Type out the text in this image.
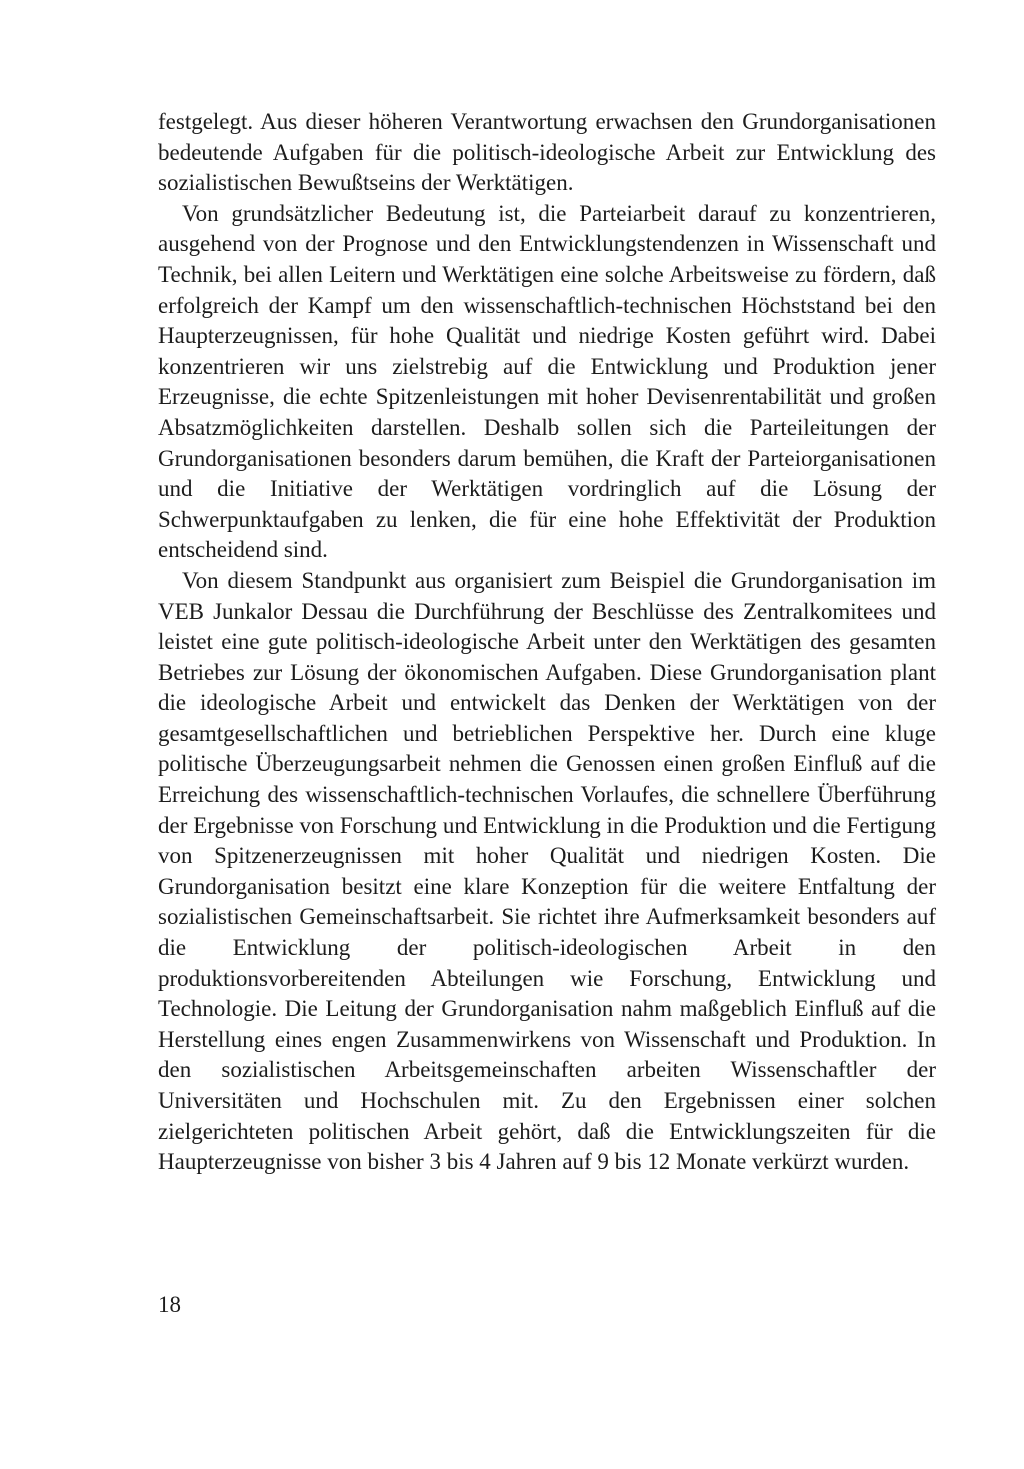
festgelegt. Aus dieser höheren Verantwortung erwachsen den Grundorganisationen bedeutende Aufgaben für die politisch-ideologische Arbeit zur Entwicklung des sozialistischen Bewußtseins der Werktätigen.

Von grundsätzlicher Bedeutung ist, die Parteiarbeit darauf zu konzentrieren, ausgehend von der Prognose und den Entwicklungstendenzen in Wissenschaft und Technik, bei allen Leitern und Werktätigen eine solche Arbeitsweise zu fördern, daß erfolgreich der Kampf um den wissenschaftlich-technischen Höchststand bei den Haupterzeugnissen, für hohe Qualität und niedrige Kosten geführt wird. Dabei konzentrieren wir uns zielstrebig auf die Entwicklung und Produktion jener Erzeugnisse, die echte Spitzenleistungen mit hoher Devisenrentabilität und großen Absatzmöglichkeiten darstellen. Deshalb sollen sich die Parteileitungen der Grundorganisationen besonders darum bemühen, die Kraft der Parteiorganisationen und die Initiative der Werktätigen vordringlich auf die Lösung der Schwerpunktaufgaben zu lenken, die für eine hohe Effektivität der Produktion entscheidend sind.

Von diesem Standpunkt aus organisiert zum Beispiel die Grundorganisation im VEB Junkalor Dessau die Durchführung der Beschlüsse des Zentralkomitees und leistet eine gute politisch-ideologische Arbeit unter den Werktätigen des gesamten Betriebes zur Lösung der ökonomischen Aufgaben. Diese Grundorganisation plant die ideologische Arbeit und entwickelt das Denken der Werktätigen von der gesamtgesellschaftlichen und betrieblichen Perspektive her. Durch eine kluge politische Überzeugungsarbeit nehmen die Genossen einen großen Einfluß auf die Erreichung des wissenschaftlich-technischen Vorlaufes, die schnellere Überführung der Ergebnisse von Forschung und Entwicklung in die Produktion und die Fertigung von Spitzenerzeugnissen mit hoher Qualität und niedrigen Kosten. Die Grundorganisation besitzt eine klare Konzeption für die weitere Entfaltung der sozialistischen Gemeinschaftsarbeit. Sie richtet ihre Aufmerksamkeit besonders auf die Entwicklung der politisch-ideologischen Arbeit in den produktionsvorbereitenden Abteilungen wie Forschung, Entwicklung und Technologie. Die Leitung der Grundorganisation nahm maßgeblich Einfluß auf die Herstellung eines engen Zusammenwirkens von Wissenschaft und Produktion. In den sozialistischen Arbeitsgemeinschaften arbeiten Wissenschaftler der Universitäten und Hochschulen mit. Zu den Ergebnissen einer solchen zielgerichteten politischen Arbeit gehört, daß die Entwicklungszeiten für die Haupterzeugnisse von bisher 3 bis 4 Jahren auf 9 bis 12 Monate verkürzt wurden.

18
